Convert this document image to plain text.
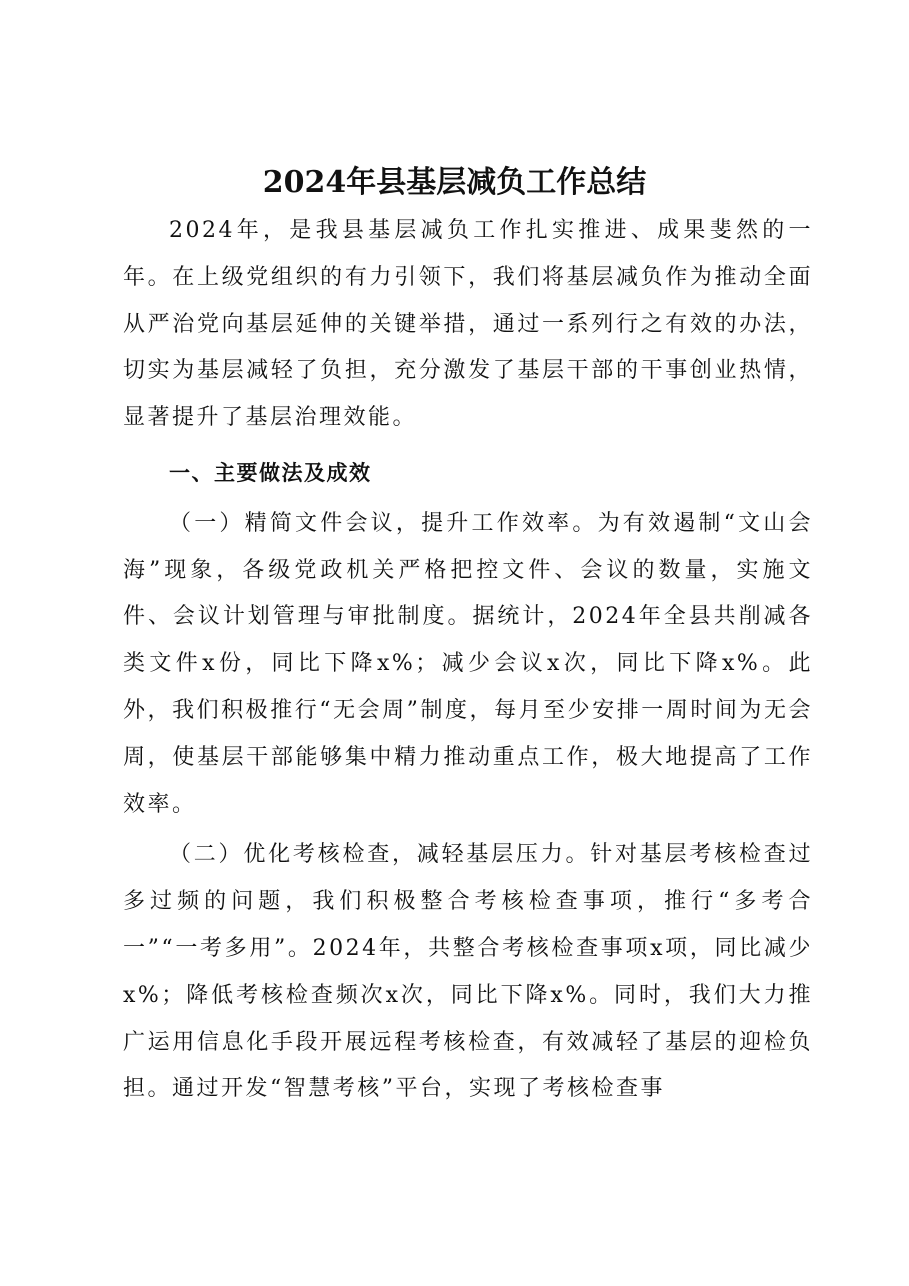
2024年县基层减负工作总结

2024年，是我县基层减负工作扎实推进、成果斐然的一年。在上级党组织的有力引领下，我们将基层减负作为推动全面从严治党向基层延伸的关键举措，通过一系列行之有效的办法，切实为基层减轻了负担，充分激发了基层干部的干事创业热情，显著提升了基层治理效能。

一、主要做法及成效

（一）精简文件会议，提升工作效率。为有效遏制“文山会海”现象，各级党政机关严格把控文件、会议的数量，实施文件、会议计划管理与审批制度。据统计，2024年全县共削减各类文件x份，同比下降x%；减少会议x次，同比下降x%。此外，我们积极推行“无会周”制度，每月至少安排一周时间为无会周，使基层干部能够集中精力推动重点工作，极大地提高了工作效率。

（二）优化考核检查，减轻基层压力。针对基层考核检查过多过频的问题，我们积极整合考核检查事项，推行“多考合一”“一考多用”。2024年，共整合考核检查事项x项，同比减少x%；降低考核检查频次x次，同比下降x%。同时，我们大力推广运用信息化手段开展远程考核检查，有效减轻了基层的迎检负担。通过开发“智慧考核”平台，实现了考核检查事
